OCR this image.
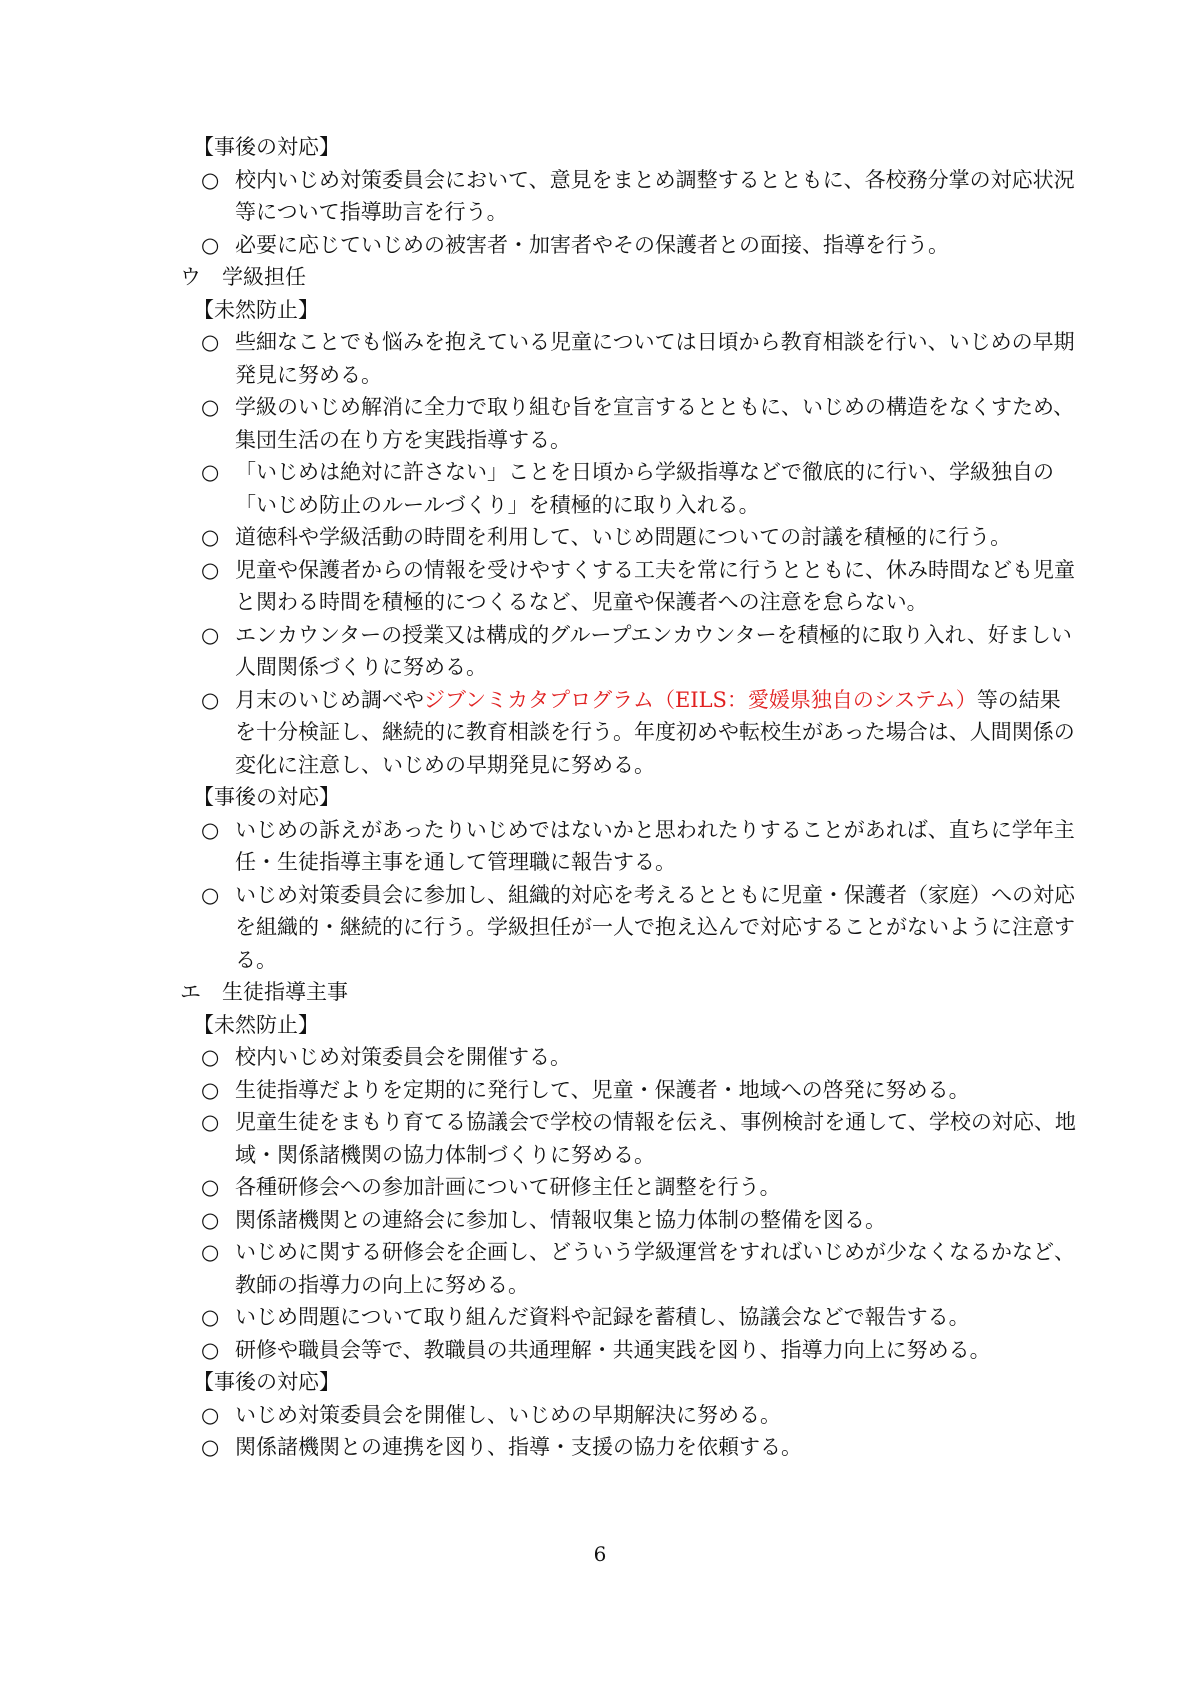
【事後の対応】
○ 校内いじめ対策委員会において、意見をまとめ調整するとともに、各校務分掌の対応状況等について指導助言を行う。
○ 必要に応じていじめの被害者・加害者やその保護者との面接、指導を行う。
ウ　学級担任
【未然防止】
○ 些細なことでも悩みを抱えている児童については日頃から教育相談を行い、いじめの早期発見に努める。
○ 学級のいじめ解消に全力で取り組む旨を宣言するとともに、いじめの構造をなくすため、集団生活の在り方を実践指導する。
○ 「いじめは絶対に許さない」ことを日頃から学級指導などで徹底的に行い、学級独自の「いじめ防止のルールづくり」を積極的に取り入れる。
○ 道徳科や学級活動の時間を利用して、いじめ問題についての討議を積極的に行う。
○ 児童や保護者からの情報を受けやすくする工夫を常に行うとともに、休み時間なども児童と関わる時間を積極的につくるなど、児童や保護者への注意を怠らない。
○ エンカウンターの授業又は構成的グループエンカウンターを積極的に取り入れ、好ましい人間関係づくりに努める。
○ 月末のいじめ調べやジブンミカタプログラム（EILS：愛媛県独自のシステム）等の結果を十分検証し、継続的に教育相談を行う。年度初めや転校生があった場合は、人間関係の変化に注意し、いじめの早期発見に努める。
【事後の対応】
○ いじめの訴えがあったりいじめではないかと思われたりすることがあれば、直ちに学年主任・生徒指導主事を通して管理職に報告する。
○ いじめ対策委員会に参加し、組織的対応を考えるとともに児童・保護者（家庭）への対応を組織的・継続的に行う。学級担任が一人で抱え込んで対応することがないように注意する。
エ　生徒指導主事
【未然防止】
○ 校内いじめ対策委員会を開催する。
○ 生徒指導だよりを定期的に発行して、児童・保護者・地域への啓発に努める。
○ 児童生徒をまもり育てる協議会で学校の情報を伝え、事例検討を通して、学校の対応、地域・関係諸機関の協力体制づくりに努める。
○ 各種研修会への参加計画について研修主任と調整を行う。
○ 関係諸機関との連絡会に参加し、情報収集と協力体制の整備を図る。
○ いじめに関する研修会を企画し、どういう学級運営をすればいじめが少なくなるかなど、教師の指導力の向上に努める。
○ いじめ問題について取り組んだ資料や記録を蓄積し、協議会などで報告する。
○ 研修や職員会等で、教職員の共通理解・共通実践を図り、指導力向上に努める。
【事後の対応】
○ いじめ対策委員会を開催し、いじめの早期解決に努める。
○ 関係諸機関との連携を図り、指導・支援の協力を依頼する。
6
